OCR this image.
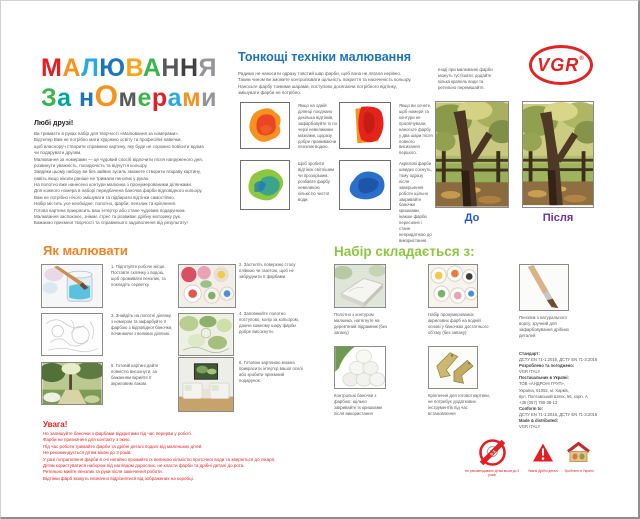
МАЛЮВАННЯ
За нОмерами
Любі друзі!
Ви тримаєте в руках набір для творчості «Малювання за номерами».
Відтепер Вам не потрібно мати художню освіту та професійні навички,
щоб власноруч створити справжню картину, яку буде не соромно повісити вдома
чи подарувати друзям.
Малювання за номерами — це чудовий спосіб відпочити після напруженого дня,
розвинути уважність, посидючість та відчуття кольору.
Завдяки цьому набору ви без зайвих зусиль зможете створити яскраву картину,
навіть якщо ніколи раніше не тримали пензлик у руках.
На полотно вже нанесено контури малюнка з пронумерованими ділянками.
Для кожного номера в наборі передбачена баночка фарби відповідного кольору.
Вам не потрібно нічого змішувати та підбирати відтінки самостійно.
Набір містить усе необхідне: полотно, фарби, пензлик та кріплення.
Готова картина прикрасить ваш інтер’єр або стане чудовим подарунком.
Малювання заспокоює, знімає стрес та розвиває дрібну моторику рук.
Бажаємо приємної творчості та справжнього задоволення від результату!
Тонкощі техніки малювання
Радимо не наносити одразу товстий шар фарби, щоб вона не лягала нерівно.
Таким чином ви зможете контролювати щільність покриття та насиченість кольору.
Наносьте фарбу тонкими шарами, поступово досягаючи потрібного відтінку,
змішувати фарби не потрібно.
Якщо на одній ділянці поєднано декілька відтінків, зафарбовуйте їх по черзі невеликими мазками, щоразу добре промиваючи пензлик водою.
Якщо ви хочете, щоб номери та контури не просвічували, наносьте фарбу у два шари після повного висихання першого.
Щоб зробити відтінок світлішим чи прозорішим, розбавте фарбу невеликою кількістю чистої води.
Акрилові фарби швидко сохнуть, тому одразу після завершення роботи щільно закривайте баночки кришками, інакше фарба пересохне і стане непридатною до використання.
VGR®
Іноді при малюванні фарби
можуть густішати: додайте
кілька крапель води та
ретельно перемішайте.
До	Після
Як малювати
1. Підготуйте робоче місце. Поставте склянку з водою, щоб промивати пензлик, та покладіть серветку.
2. Застеліть поверхню столу плівкою чи газетою, щоб не забруднити її фарбами.
3. Знайдіть на полотні ділянку з номером та зафарбуйте її фарбою з відповідної баночки, починаючи з великих ділянок.
4. Заповнюйте полотно поступово, колір за кольором, даючи кожному шару фарби добре висохнути.
5. Готовій картині дайте повністю висохнути, за бажанням вкрийте її акриловим лаком.
6. Готовою картиною можна прикрасити інтер’єр вашої оселі або зробити приємний подарунок.
Увага!
Не залишуйте баночки з фарбами відкритими під час перерви у роботі.
Фарби не призначені для контакту з їжею.
Під час роботи тримайте фарби та дрібні деталі подалі від маленьких дітей.
Не рекомендується дітям віком до 3 років.
У разі потрапляння фарби в очі негайно промийте їх великою кількістю проточної води та зверніться до лікаря.
Дітям користуватися набором під наглядом дорослих, не класти фарби та дрібні деталі до рота.
Ретельно мийте пензлик та руки після закінчення роботи.
Відтінки фарб можуть незначно відрізнятися від зображених на коробці.
Набір складається з:
Полотно з контуром малюнка, натягнуте на дерев’яний підрамник (без запаху)
Набір пронумерованих акрилових фарб на водній основі у баночках достатнього об’єму (без запаху)
Пензлик з натурального ворсу, зручний для зафарбовування дрібних деталей
Контрольні баночки з фарбою: щільно закривайте їх кришками після використання
Кріплення для готової картини, не потребує додаткових інструментів під час встановлення
Стандарт:
ДСТУ EN 71-1:2016, ДСТУ EN 71-3:2016
Розроблено та погоджено:
VGR ITALY
Постачальник в Україні:
ТОВ «АНДРОНІ ГРУП»,
Україна, 61052, м. Харків,
вул. Полтавський Шлях, 56, корп. А
+38 (057) 755-36-13
Conform to:
ДСТУ EN 71-1:2016, ДСТУ EN 71-3:2016
Made & distributed:
VGR ITALY
0-3
Не рекомендовано дітям віком до 3 років
Увага! Дрібні деталі	Зроблено в Україні
